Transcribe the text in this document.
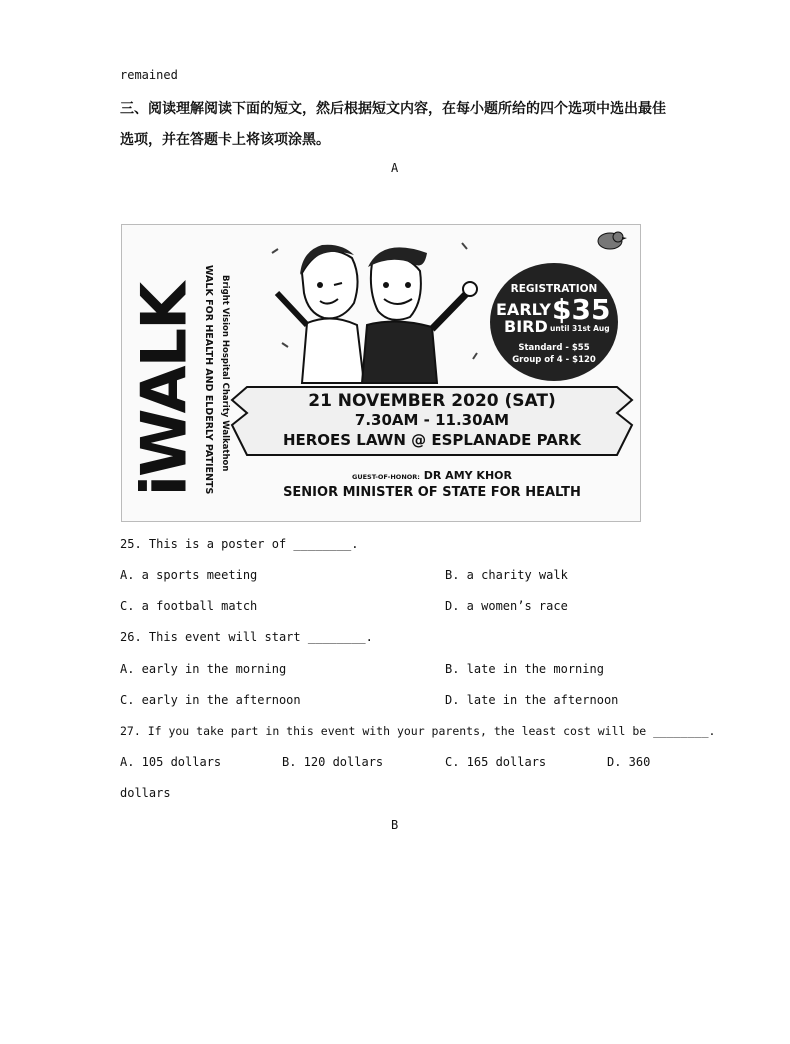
remained
三、阅读理解阅读下面的短文，然后根据短文内容，在每小题所给的四个选项中选出最佳
选项，并在答题卡上将该项涂黑。
A
iWALK WALK FOR HEALTH AND ELDERLY PATIENTS Bright Vision Hospital Charity Walkathon	REGISTRATION
EARLY $35
BIRD until 31st Aug
Standard - $55
Group of 4 - $120
21 NOVEMBER 2020 (SAT)
7.30AM - 11.30AM
HEROES LAWN @ ESPLANADE PARK
GUEST-OF-HONOR: DR AMY KHOR
SENIOR MINISTER OF STATE FOR HEALTH
25. This is a poster of ________.
A. a sports meeting	B. a charity walk
C. a football match	D. a women’s race
26. This event will start ________.
A. early in the morning	B. late in the morning
C. early in the afternoon	D. late in the afternoon
27. If you take part in this event with your parents, the least cost will be ________.
A. 105 dollars	B. 120 dollars	C. 165 dollars	D. 360
dollars
B
